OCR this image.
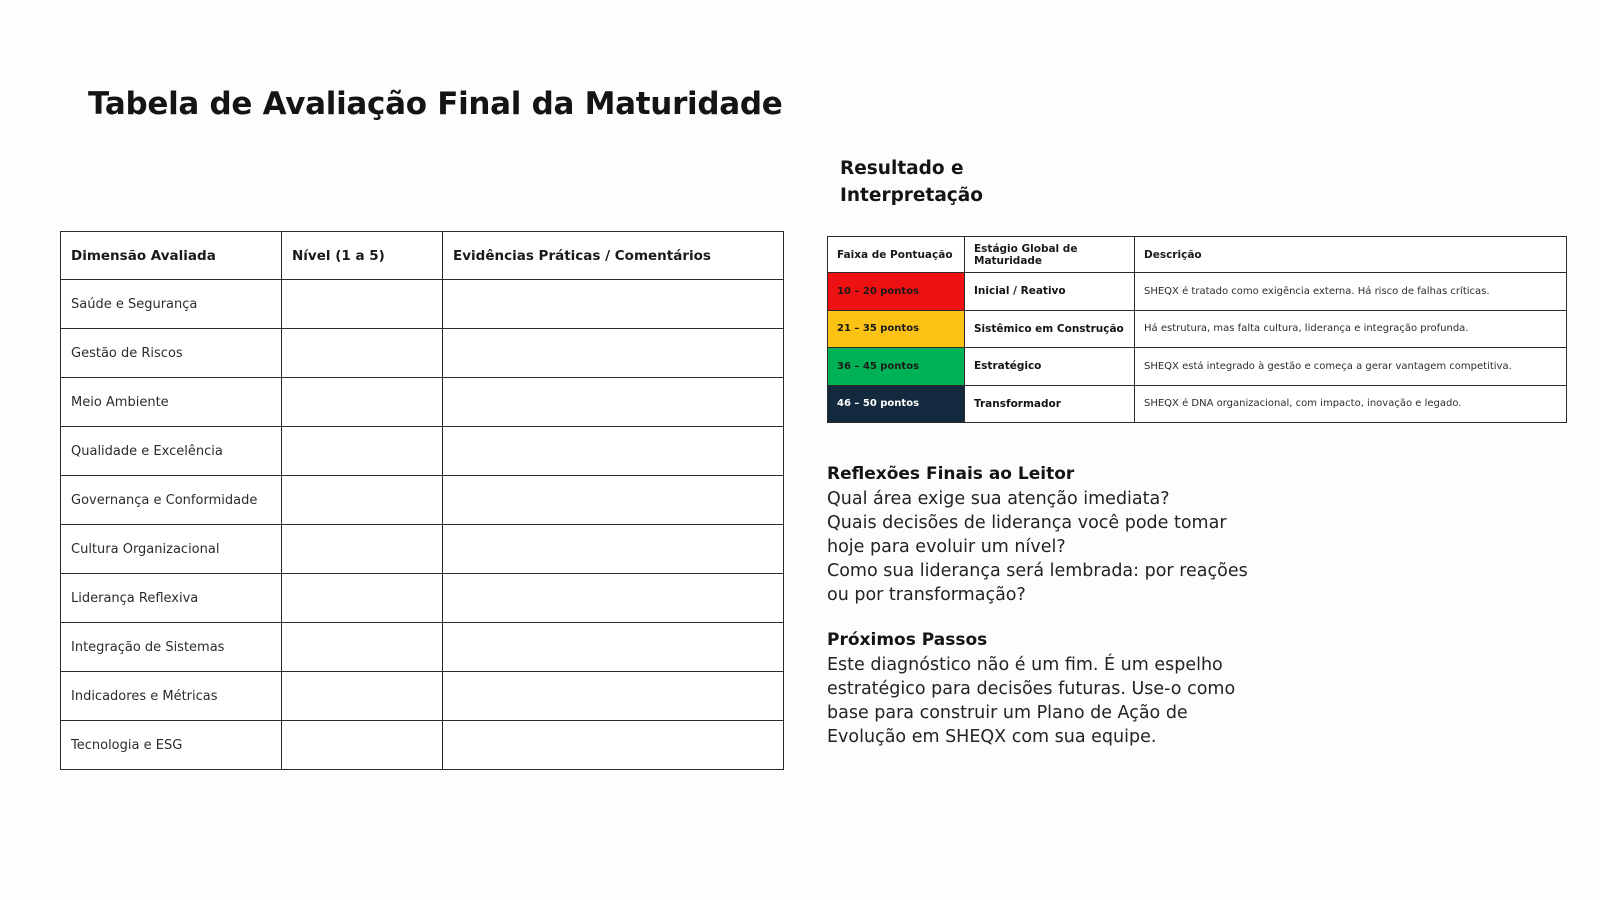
Tabela de Avaliação Final da Maturidade
Dimensão Avaliada	Nível (1 a 5)	Evidências Práticas / Comentários
Saúde e Segurança		
Gestão de Riscos		
Meio Ambiente		
Qualidade e Excelência		
Governança e Conformidade		
Cultura Organizacional		
Liderança Reflexiva		
Integração de Sistemas		
Indicadores e Métricas		
Tecnologia e ESG		
Resultado e
Interpretação
Faixa de Pontuação	Estágio Global de Maturidade	Descrição
10 – 20 pontos	Inicial / Reativo	SHEQX é tratado como exigência externa. Há risco de falhas críticas.
21 – 35 pontos	Sistêmico em Construção	Há estrutura, mas falta cultura, liderança e integração profunda.
36 – 45 pontos	Estratégico	SHEQX está integrado à gestão e começa a gerar vantagem competitiva.
46 – 50 pontos	Transformador	SHEQX é DNA organizacional, com impacto, inovação e legado.
Reflexões Finais ao Leitor
Qual área exige sua atenção imediata?
Quais decisões de liderança você pode tomar hoje para evoluir um nível?
Como sua liderança será lembrada: por reações ou por transformação?
Próximos Passos
Este diagnóstico não é um fim. É um espelho estratégico para decisões futuras. Use-o como base para construir um Plano de Ação de Evolução em SHEQX com sua equipe.
